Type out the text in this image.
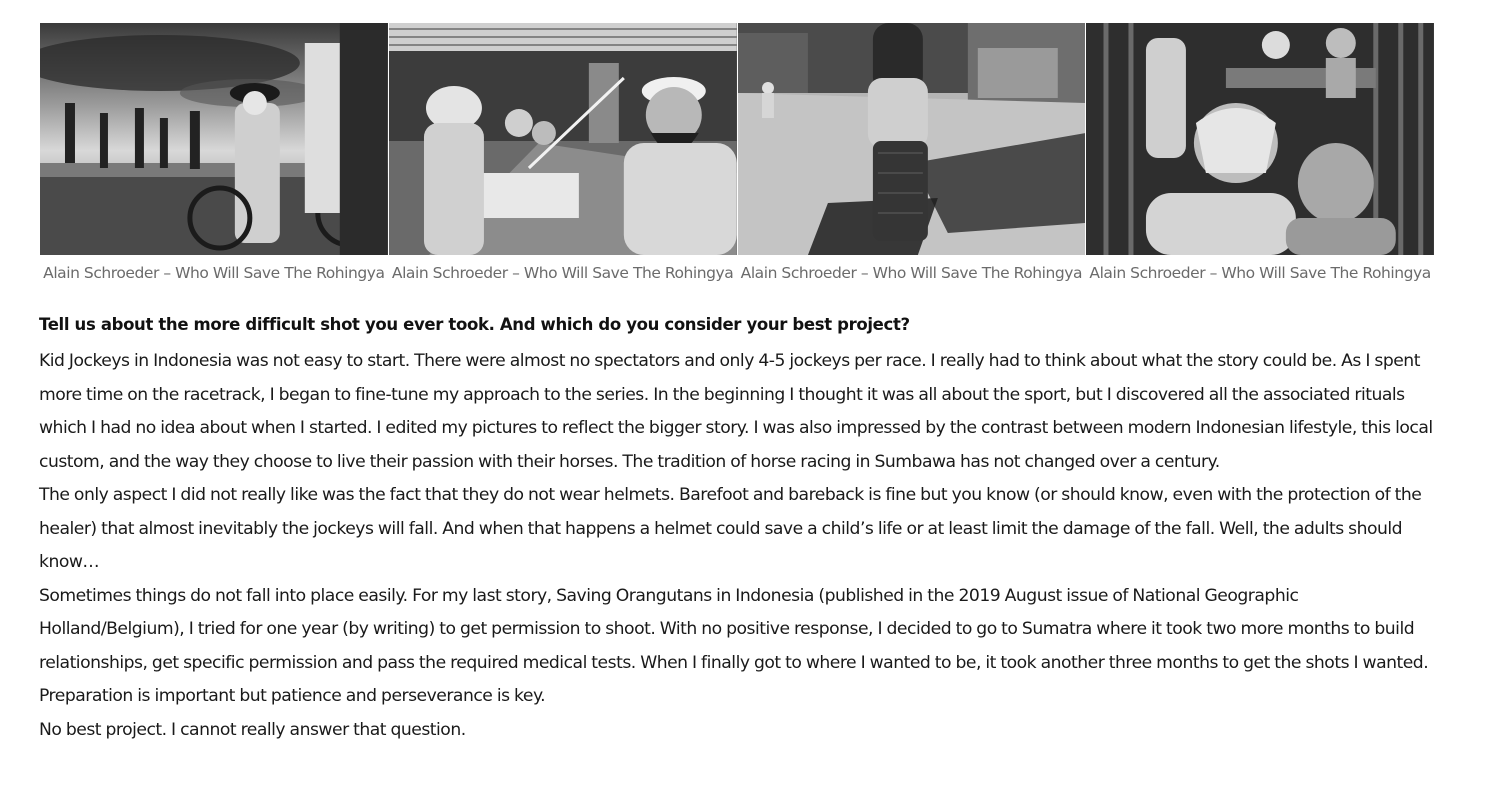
Alain Schroeder – Who Will Save The Rohingya Alain Schroeder – Who Will Save The Rohingya Alain Schroeder – Who Will Save The Rohingya Alain Schroeder – Who Will Save The Rohingya

Tell us about the more difficult shot you ever took. And which do you consider your best project?

Kid Jockeys in Indonesia was not easy to start. There were almost no spectators and only 4-5 jockeys per race. I really had to think about what the story could be. As I spent more time on the racetrack, I began to fine-tune my approach to the series. In the beginning I thought it was all about the sport, but I discovered all the associated rituals which I had no idea about when I started. I edited my pictures to reflect the bigger story. I was also impressed by the contrast between modern Indonesian lifestyle, this local custom, and the way they choose to live their passion with their horses. The tradition of horse racing in Sumbawa has not changed over a century.

The only aspect I did not really like was the fact that they do not wear helmets. Barefoot and bareback is fine but you know (or should know, even with the protection of the healer) that almost inevitably the jockeys will fall. And when that happens a helmet could save a child’s life or at least limit the damage of the fall. Well, the adults should know…

Sometimes things do not fall into place easily. For my last story, Saving Orangutans in Indonesia (published in the 2019 August issue of National Geographic Holland/Belgium), I tried for one year (by writing) to get permission to shoot. With no positive response, I decided to go to Sumatra where it took two more months to build relationships, get specific permission and pass the required medical tests. When I finally got to where I wanted to be, it took another three months to get the shots I wanted. Preparation is important but patience and perseverance is key.

No best project. I cannot really answer that question.
